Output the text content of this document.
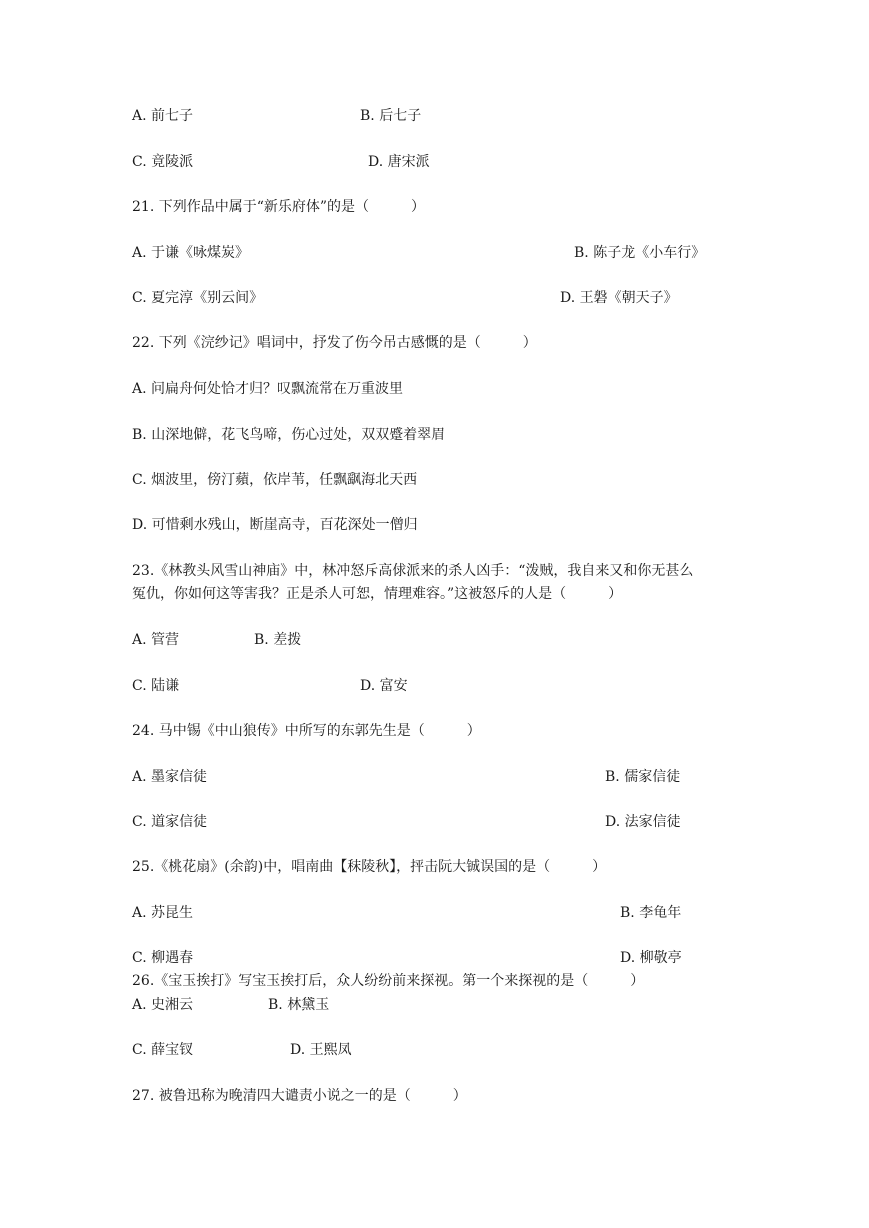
A. 前七子	B. 后七子
C. 竟陵派	D. 唐宋派
21. 下列作品中属于“新乐府体”的是（　　　）
A. 于谦《咏煤炭》	B. 陈子龙《小车行》
C. 夏完淳《别云间》	D. 王磐《朝天子》
22. 下列《浣纱记》唱词中，抒发了伤今吊古感慨的是（　　　）
A. 问扁舟何处恰才归？叹飘流常在万重波里
B. 山深地僻，花飞鸟啼，伤心过处，双双蹙着翠眉
C. 烟波里，傍汀蘋，依岸苇，任飘飖海北天西
D. 可惜剩水残山，断崖高寺，百花深处一僧归
23.《林教头风雪山神庙》中，林冲怒斥高俅派来的杀人凶手：“泼贼，我自来又和你无甚么
冤仇，你如何这等害我？正是杀人可恕，情理难容。”这被怒斥的人是（　　　）
A. 管营	B. 差拨
C. 陆谦	D. 富安
24. 马中锡《中山狼传》中所写的东郭先生是（　　　）
A. 墨家信徒	B. 儒家信徒
C. 道家信徒	D. 法家信徒
25.《桃花扇》(余韵)中，唱南曲【秣陵秋】，抨击阮大铖误国的是（　　　）
A. 苏昆生	B. 李龟年
C. 柳遇春	D. 柳敬亭
26.《宝玉挨打》写宝玉挨打后，众人纷纷前来探视。第一个来探视的是（　　　）
A. 史湘云	B. 林黛玉
C. 薛宝钗	D. 王熙凤
27. 被鲁迅称为晚清四大谴责小说之一的是（　　　）
